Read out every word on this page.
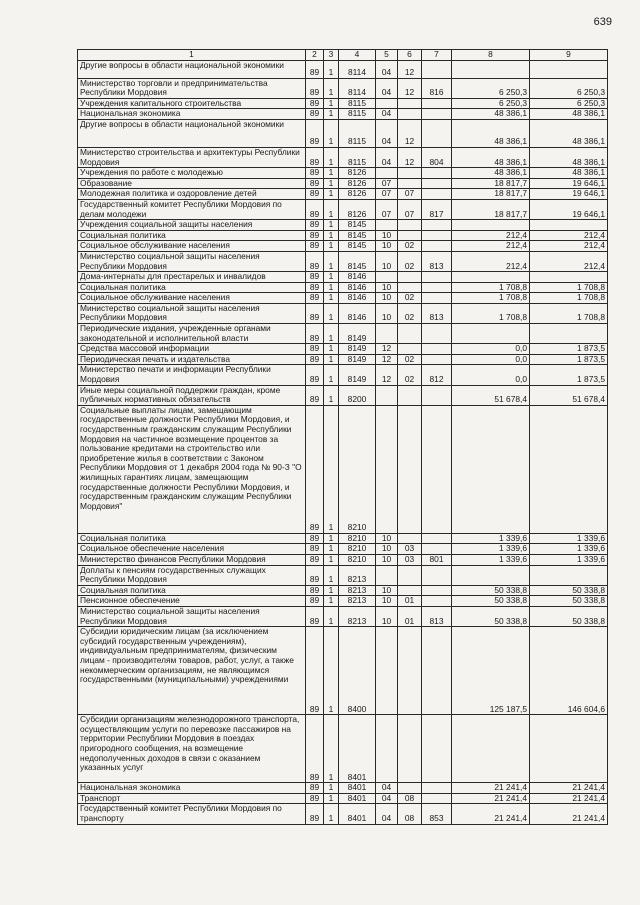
639
1	2	3	4	5	6	7	8	9
Другие вопросы в области национальной экономики	89	1	8114	04	12			
Министерство торговли и предпринимательства Республики Мордовия	89	1	8114	04	12	816	6 250,3	6 250,3
Учреждения капитального строительства	89	1	8115				6 250,3	6 250,3
Национальная экономика	89	1	8115	04			48 386,1	48 386,1
Другие вопросы в области национальной экономики	89	1	8115	04	12		48 386,1	48 386,1
Министерство строительства и архитектуры Республики Мордовия	89	1	8115	04	12	804	48 386,1	48 386,1
Учреждения по работе с молодежью	89	1	8126				48 386,1	48 386,1
Образование	89	1	8126	07			18 817,7	19 646,1
Молодежная политика и оздоровление детей	89	1	8126	07	07		18 817,7	19 646,1
Государственный комитет Республики Мордовия по делам молодежи	89	1	8126	07	07	817	18 817,7	19 646,1
Учреждения социальной защиты населения	89	1	8145					
Социальная политика	89	1	8145	10			212,4	212,4
Социальное обслуживание населения	89	1	8145	10	02		212,4	212,4
Министерство социальной защиты населения Республики Мордовия	89	1	8145	10	02	813	212,4	212,4
Дома-интернаты для престарелых и инвалидов	89	1	8146					
Социальная политика	89	1	8146	10			1 708,8	1 708,8
Социальное обслуживание населения	89	1	8146	10	02		1 708,8	1 708,8
Министерство социальной защиты населения Республики Мордовия	89	1	8146	10	02	813	1 708,8	1 708,8
Периодические издания, учрежденные органами законодательной и исполнительной власти	89	1	8149					
Средства массовой информации	89	1	8149	12			0,0	1 873,5
Периодическая печать и издательства	89	1	8149	12	02		0,0	1 873,5
Министерство печати и информации Республики Мордовия	89	1	8149	12	02	812	0,0	1 873,5
Иные меры социальной поддержки граждан, кроме публичных нормативных обязательств	89	1	8200				51 678,4	51 678,4
Социальные выплаты лицам, замещающим государственные должности Республики Мордовия, и государственным гражданским служащим Республики Мордовия на частичное возмещение процентов за пользование кредитами на строительство или приобретение жилья в соответствии с Законом Республики Мордовия от 1 декабря 2004 года № 90-З "О жилищных гарантиях лицам, замещающим государственные должности Республики Мордовия, и государственным гражданским служащим Республики Мордовия"	89	1	8210					
Социальная политика	89	1	8210	10			1 339,6	1 339,6
Социальное обеспечение населения	89	1	8210	10	03		1 339,6	1 339,6
Министерство финансов Республики Мордовия	89	1	8210	10	03	801	1 339,6	1 339,6
Доплаты к пенсиям государственных служащих Республики Мордовия	89	1	8213					
Социальная политика	89	1	8213	10			50 338,8	50 338,8
Пенсионное обеспечение	89	1	8213	10	01		50 338,8	50 338,8
Министерство социальной защиты населения Республики Мордовия	89	1	8213	10	01	813	50 338,8	50 338,8
Субсидии юридическим лицам (за исключением субсидий государственным учреждениям), индивидуальным предпринимателям, физическим лицам - производителям товаров, работ, услуг, а также некоммерческим организациям, не являющимся государственными (муниципальными) учреждениями	89	1	8400				125 187,5	146 604,6
Субсидии организациям железнодорожного транспорта, осуществляющим услуги по перевозке пассажиров на территории Республики Мордовия в поездах пригородного сообщения, на возмещение недополученных доходов в связи с оказанием указанных услуг	89	1	8401					
Национальная экономика	89	1	8401	04			21 241,4	21 241,4
Транспорт	89	1	8401	04	08		21 241,4	21 241,4
Государственный комитет Республики Мордовия по транспорту	89	1	8401	04	08	853	21 241,4	21 241,4
